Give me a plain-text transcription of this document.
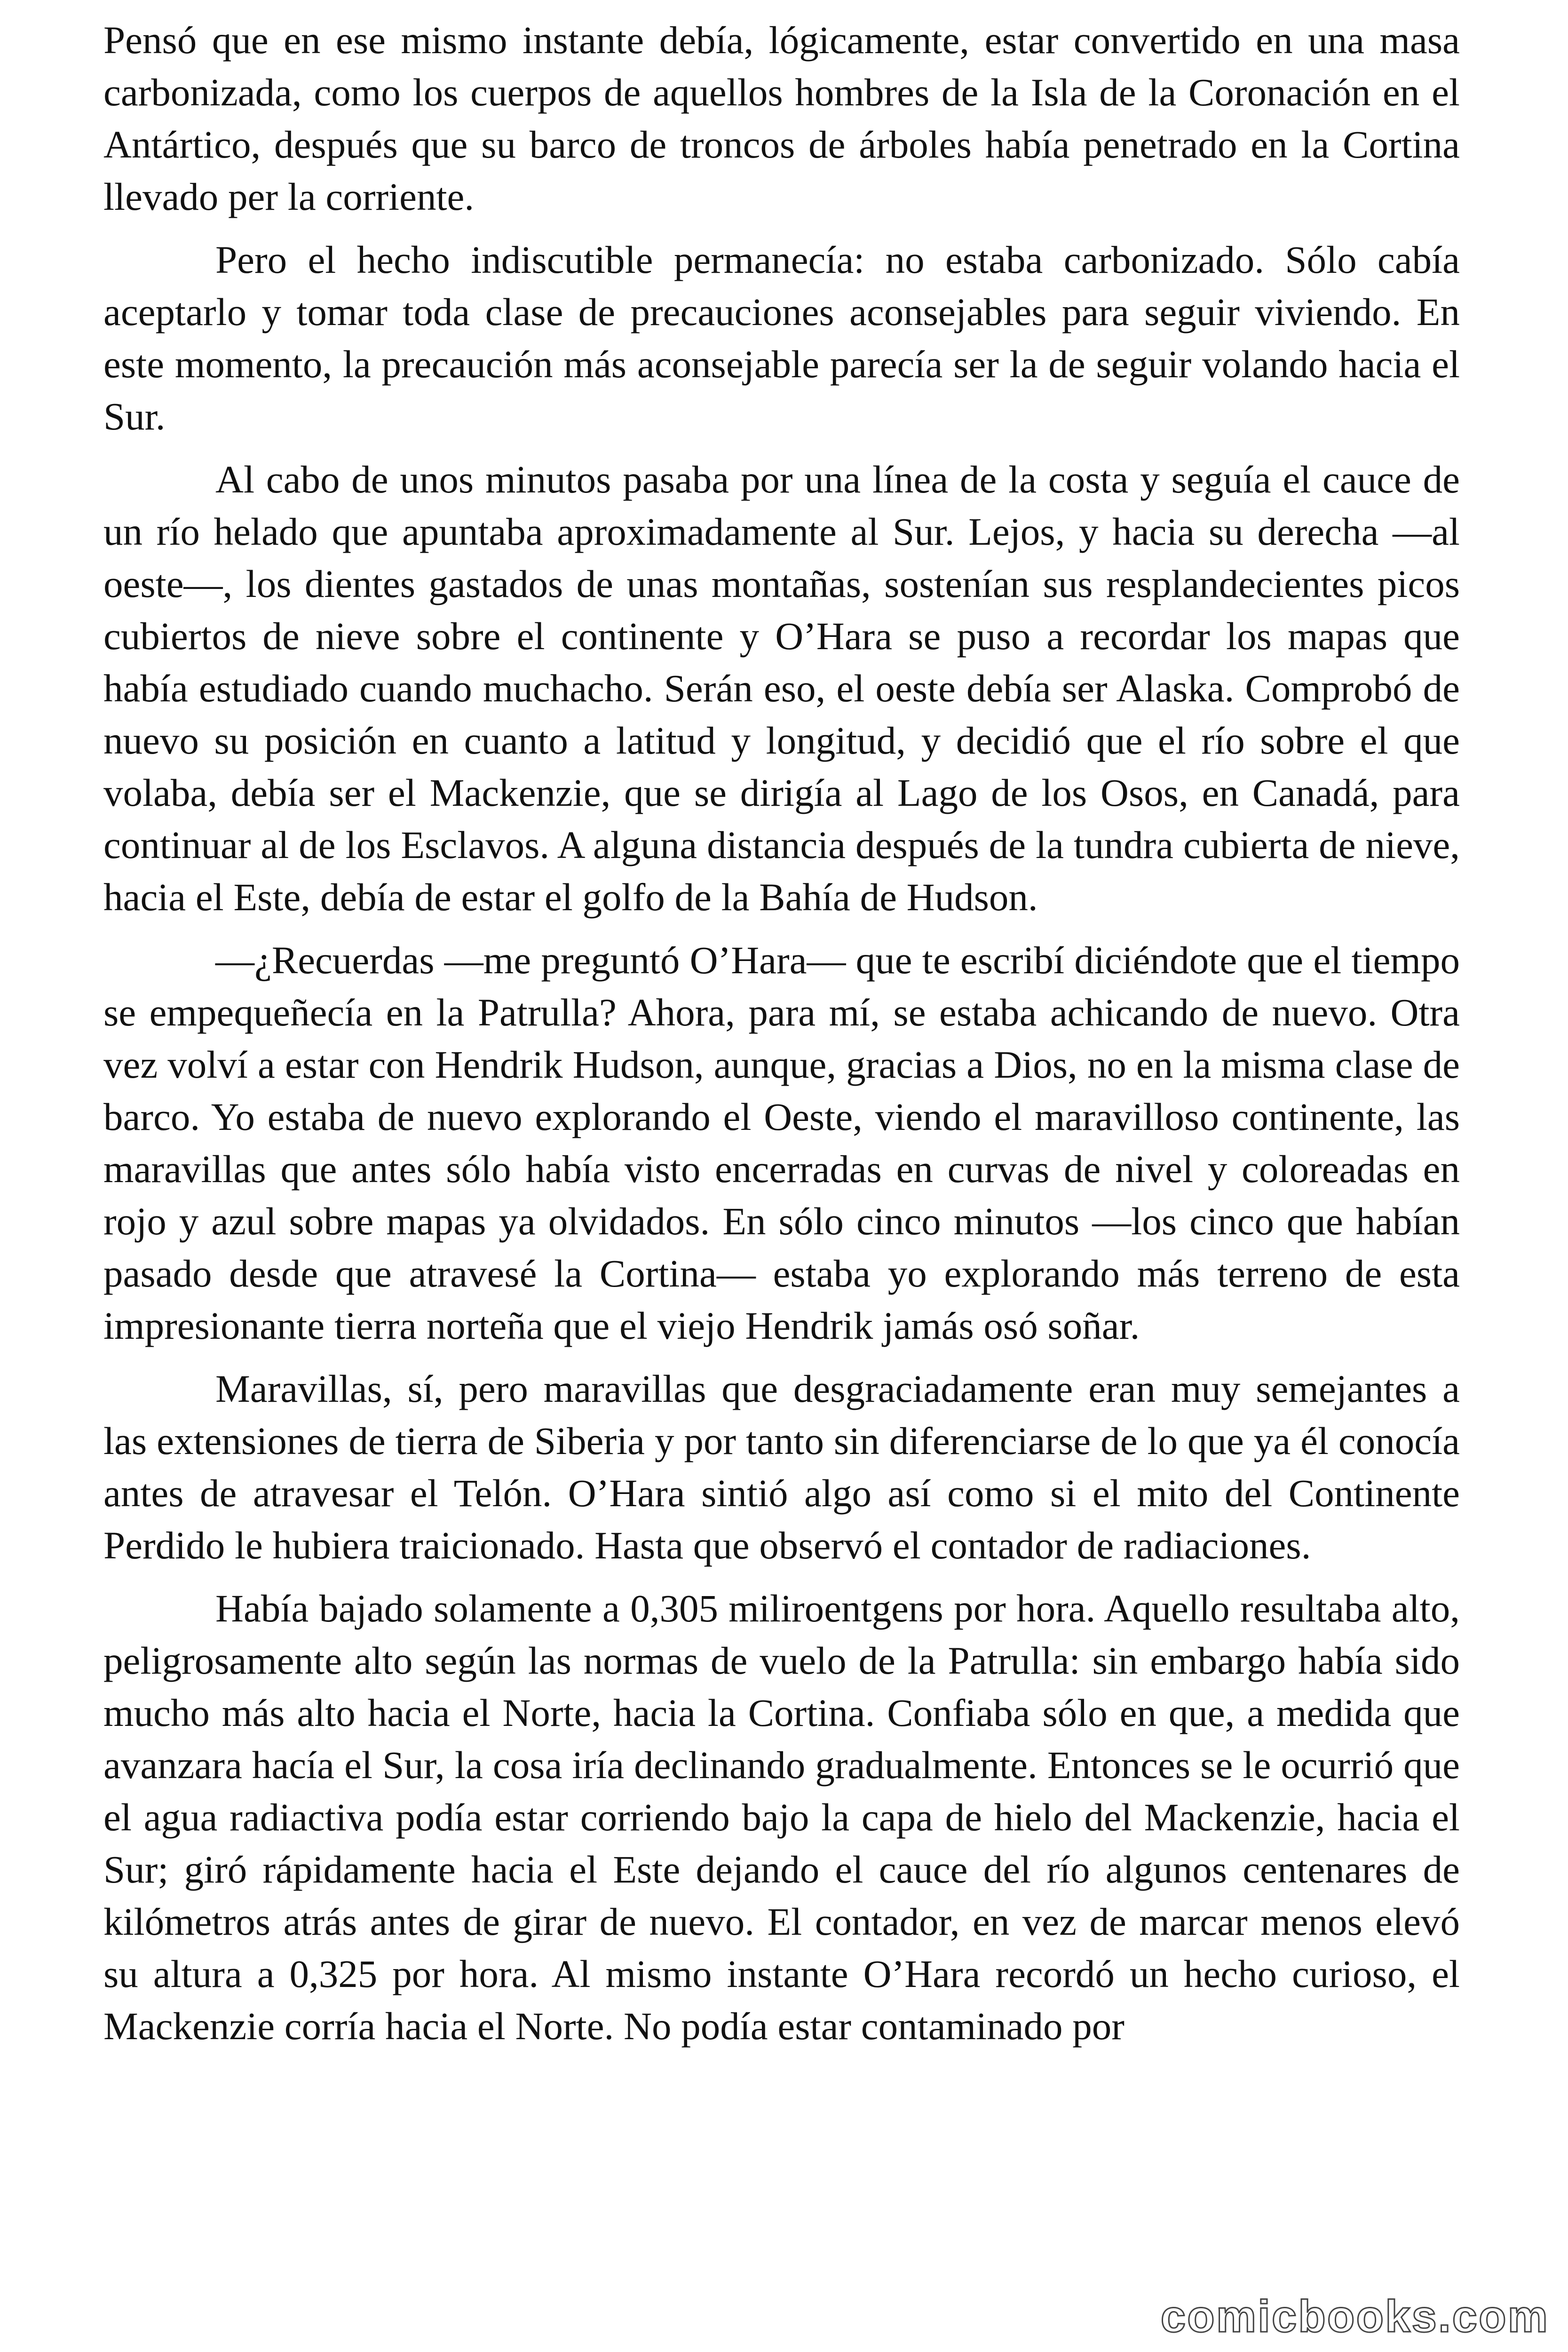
Pensó que en ese mismo instante debía, lógicamente, estar convertido en una masa carbonizada, como los cuerpos de aquellos hombres de la Isla de la Coronación en el Antártico, después que su barco de troncos de árboles había penetrado en la Cortina llevado per la corriente.

Pero el hecho indiscutible permanecía: no estaba carbonizado. Sólo cabía aceptarlo y tomar toda clase de precauciones aconsejables para seguir viviendo. En este momento, la precaución más aconsejable parecía ser la de seguir volando hacia el Sur.

Al cabo de unos minutos pasaba por una línea de la costa y seguía el cauce de un río helado que apuntaba aproximadamente al Sur. Lejos, y hacia su derecha —al oeste—, los dientes gastados de unas montañas, sostenían sus resplandecientes picos cubiertos de nieve sobre el continente y O’Hara se puso a recordar los mapas que había estudiado cuando muchacho. Serán eso, el oeste debía ser Alaska. Comprobó de nuevo su posición en cuanto a latitud y longitud, y decidió que el río sobre el que volaba, debía ser el Mackenzie, que se dirigía al Lago de los Osos, en Canadá, para continuar al de los Esclavos. A alguna distancia después de la tundra cubierta de nieve, hacia el Este, debía de estar el golfo de la Bahía de Hudson.

—¿Recuerdas —me preguntó O’Hara— que te escribí diciéndote que el tiempo se empequeñecía en la Patrulla? Ahora, para mí, se estaba achicando de nuevo. Otra vez volví a estar con Hendrik Hudson, aunque, gracias a Dios, no en la misma clase de barco. Yo estaba de nuevo explorando el Oeste, viendo el maravilloso continente, las maravillas que antes sólo había visto encerradas en curvas de nivel y coloreadas en rojo y azul sobre mapas ya olvidados. En sólo cinco minutos —los cinco que habían pasado desde que atravesé la Cortina— estaba yo explorando más terreno de esta impresionante tierra norteña que el viejo Hendrik jamás osó soñar.

Maravillas, sí, pero maravillas que desgraciadamente eran muy semejantes a las extensiones de tierra de Siberia y por tanto sin diferenciarse de lo que ya él conocía antes de atravesar el Telón. O’Hara sintió algo así como si el mito del Continente Perdido le hubiera traicionado. Hasta que observó el contador de radiaciones.

Había bajado solamente a 0,305 miliroentgens por hora. Aquello resultaba alto, peligrosamente alto según las normas de vuelo de la Patrulla: sin embargo había sido mucho más alto hacia el Norte, hacia la Cortina. Confiaba sólo en que, a medida que avanzara hacía el Sur, la cosa iría declinando gradualmente. Entonces se le ocurrió que el agua radiactiva podía estar corriendo bajo la capa de hielo del Mackenzie, hacia el Sur; giró rápidamente hacia el Este dejando el cauce del río algunos centenares de kilómetros atrás antes de girar de nuevo. El contador, en vez de marcar menos elevó su altura a 0,325 por hora. Al mismo instante O’Hara recordó un hecho curioso, el Mackenzie corría hacia el Norte. No podía estar contaminado por

comicbooks.com
